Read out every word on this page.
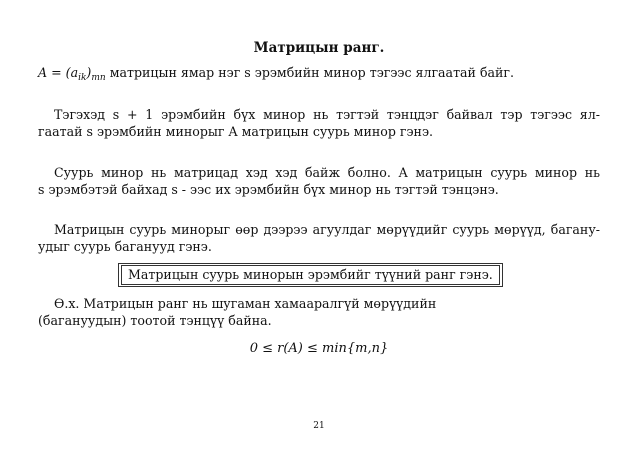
Матрицын ранг.
$A = (a_{ik})_{mn}$ матрицын ямар нэг s эрэмбийн минор тэгээс ялгаатай байг.
Тэгэхэд s + 1 эрэмбийн бүх минор нь тэгтэй тэнцдэг байвал тэр тэгээс ял-
гаатай s эрэмбийн минорыг A матрицын суурь минор гэнэ.
Суурь минор нь матрицад хэд хэд байж болно. A матрицын суурь минор нь
s эрэмбэтэй байхад s - ээс их эрэмбийн бүх минор нь тэгтэй тэнцэнэ.
Матрицын суурь минорыг өөр дээрээ агуулдаг мөрүүдийг суурь мөрүүд, багану-
удыг суурь баганууд гэнэ.
Матрицын суурь минорын эрэмбийг түүний ранг гэнэ.
Ө.х. Матрицын ранг нь шугаман хамааралгүй мөрүүдийн
(багануудын) тоотой тэнцүү байна.
0 ≤ r(A) ≤ min{m,n}
21
